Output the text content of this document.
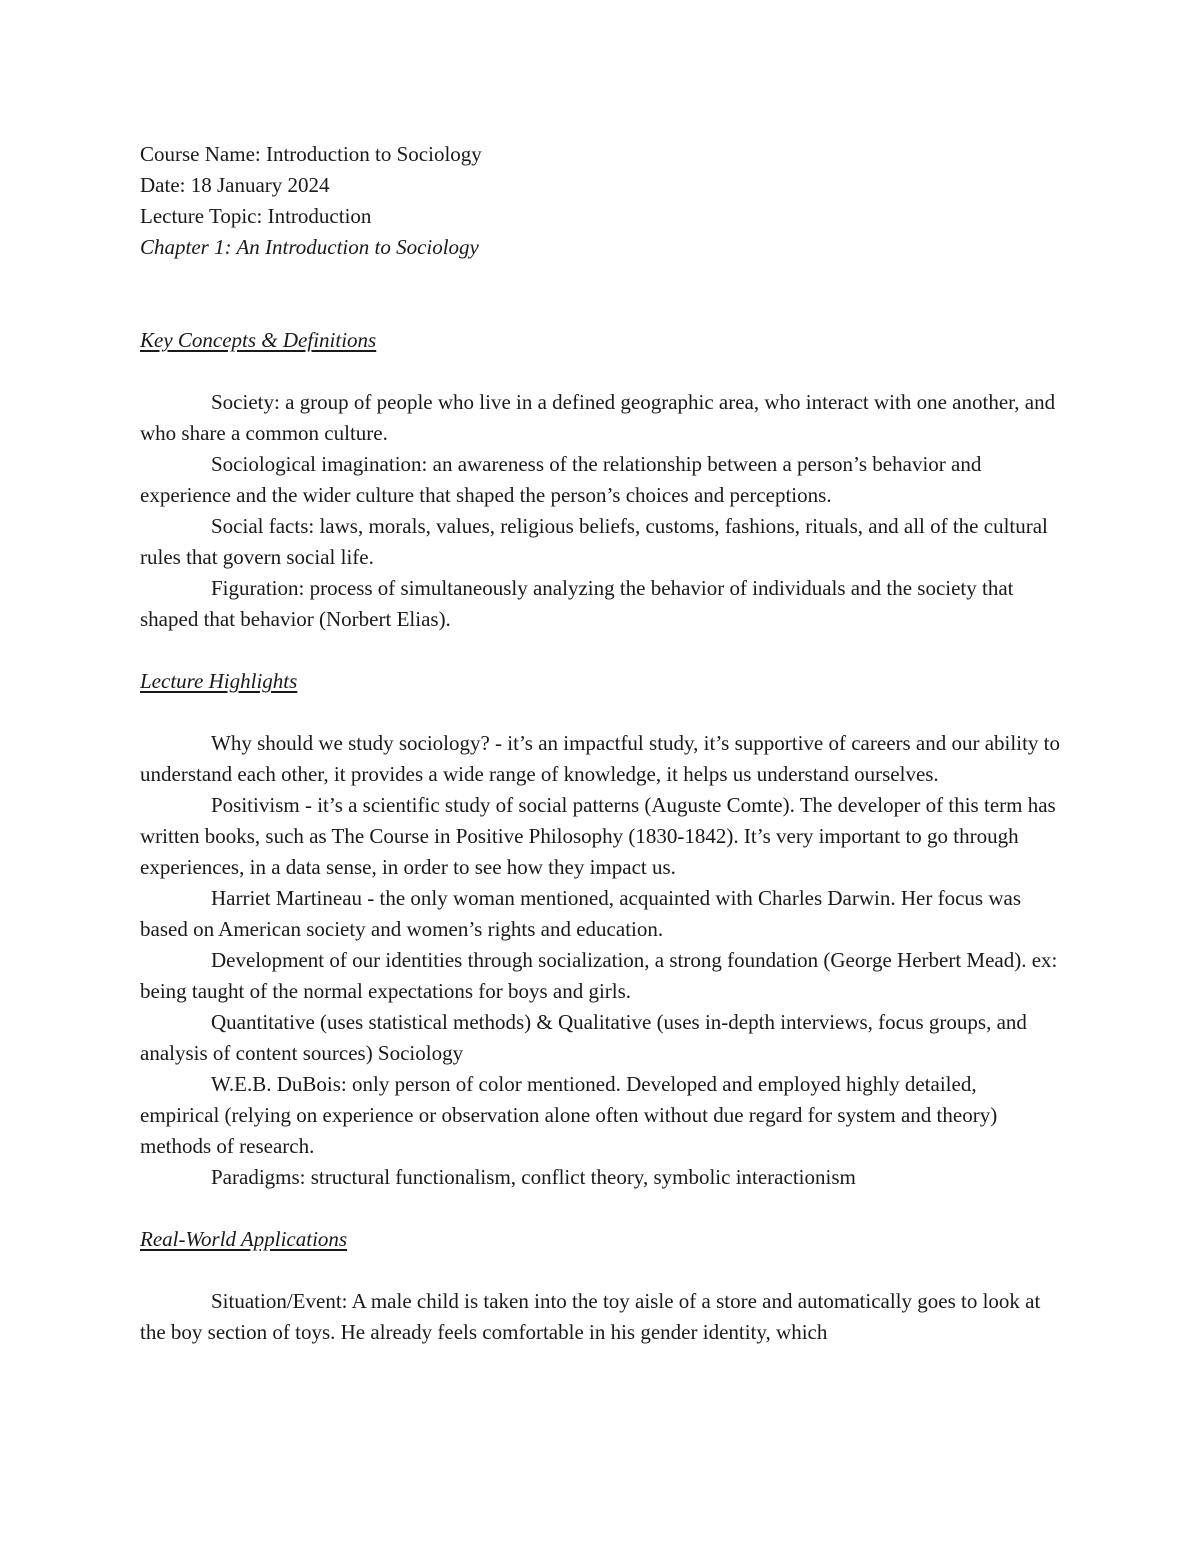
Course Name: Introduction to Sociology

Date: 18 January 2024

Lecture Topic: Introduction

Chapter 1: An Introduction to Sociology

Key Concepts & Definitions

Society: a group of people who live in a defined geographic area, who interact with one another, and who share a common culture.

Sociological imagination: an awareness of the relationship between a person’s behavior and experience and the wider culture that shaped the person’s choices and perceptions.

Social facts: laws, morals, values, religious beliefs, customs, fashions, rituals, and all of the cultural rules that govern social life.

Figuration: process of simultaneously analyzing the behavior of individuals and the society that shaped that behavior (Norbert Elias).

Lecture Highlights

Why should we study sociology? - it’s an impactful study, it’s supportive of careers and our ability to understand each other, it provides a wide range of knowledge, it helps us understand ourselves.

Positivism - it’s a scientific study of social patterns (Auguste Comte). The developer of this term has written books, such as The Course in Positive Philosophy (1830-1842). It’s very important to go through experiences, in a data sense, in order to see how they impact us.

Harriet Martineau - the only woman mentioned, acquainted with Charles Darwin. Her focus was based on American society and women’s rights and education.

Development of our identities through socialization, a strong foundation (George Herbert Mead). ex: being taught of the normal expectations for boys and girls.

Quantitative (uses statistical methods) & Qualitative (uses in-depth interviews, focus groups, and analysis of content sources) Sociology

W.E.B. DuBois: only person of color mentioned. Developed and employed highly detailed, empirical (relying on experience or observation alone often without due regard for system and theory) methods of research.

Paradigms: structural functionalism, conflict theory, symbolic interactionism

Real-World Applications

Situation/Event: A male child is taken into the toy aisle of a store and automatically goes to look at the boy section of toys. He already feels comfortable in his gender identity, which
